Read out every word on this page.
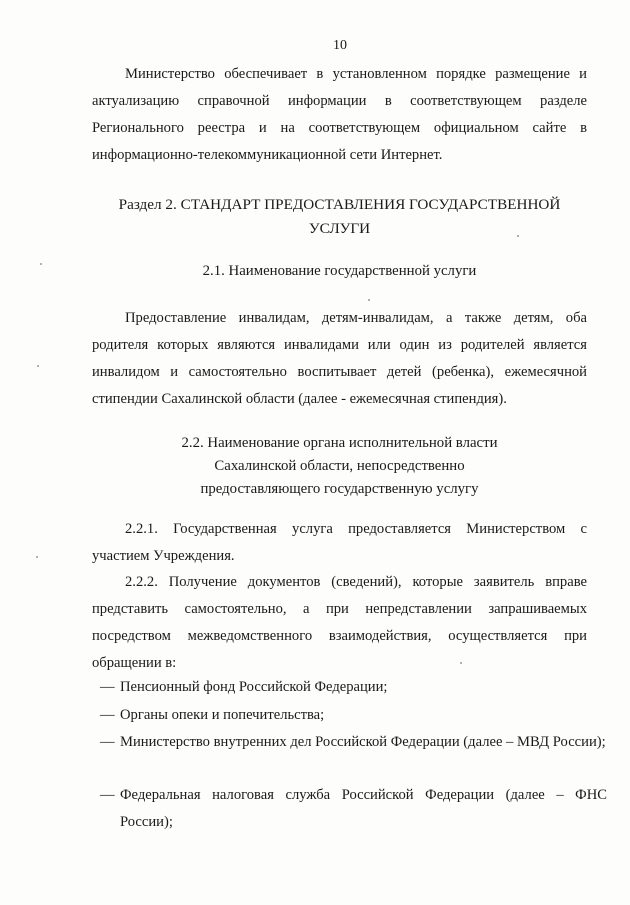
10
Министерство обеспечивает в установленном порядке размещение и актуализацию справочной информации в соответствующем разделе Регионального реестра и на соответствующем официальном сайте в информационно-телекоммуникационной сети Интернет.
Раздел 2. СТАНДАРТ ПРЕДОСТАВЛЕНИЯ ГОСУДАРСТВЕННОЙ
УСЛУГИ
2.1. Наименование государственной услуги
Предоставление инвалидам, детям-инвалидам, а также детям, оба родителя которых являются инвалидами или один из родителей является инвалидом и самостоятельно воспитывает детей (ребенка), ежемесячной стипендии Сахалинской области (далее - ежемесячная стипендия).
2.2. Наименование органа исполнительной власти
Сахалинской области, непосредственно
предоставляющего государственную услугу
2.2.1. Государственная услуга предоставляется Министерством с участием Учреждения.
2.2.2. Получение документов (сведений), которые заявитель вправе представить самостоятельно, а при непредставлении запрашиваемых посредством межведомственного взаимодействия, осуществляется при обращении в:
— Пенсионный фонд Российской Федерации;
— Органы опеки и попечительства;
— Министерство внутренних дел Российской Федерации (далее – МВД России);
— Федеральная налоговая служба Российской Федерации (далее – ФНС России);
